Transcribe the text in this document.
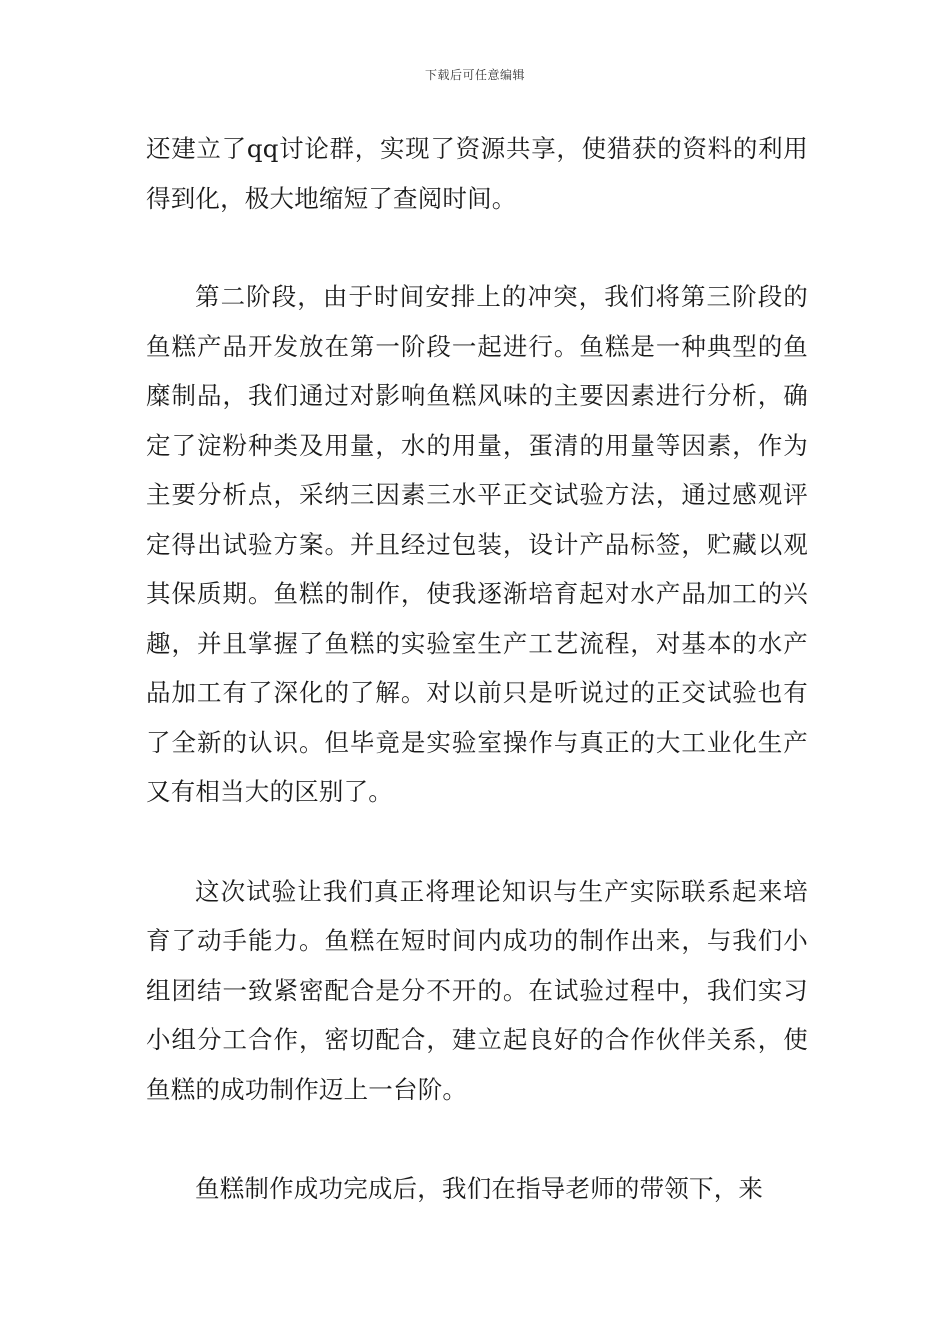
下载后可任意编辑

还建立了qq讨论群，实现了资源共享，使猎获的资料的利用得到化，极大地缩短了查阅时间。

第二阶段，由于时间安排上的冲突，我们将第三阶段的鱼糕产品开发放在第一阶段一起进行。鱼糕是一种典型的鱼糜制品，我们通过对影响鱼糕风味的主要因素进行分析，确定了淀粉种类及用量，水的用量，蛋清的用量等因素，作为主要分析点，采纳三因素三水平正交试验方法，通过感观评定得出试验方案。并且经过包装，设计产品标签，贮藏以观其保质期。鱼糕的制作，使我逐渐培育起对水产品加工的兴趣，并且掌握了鱼糕的实验室生产工艺流程，对基本的水产品加工有了深化的了解。对以前只是听说过的正交试验也有了全新的认识。但毕竟是实验室操作与真正的大工业化生产又有相当大的区别了。

这次试验让我们真正将理论知识与生产实际联系起来培育了动手能力。鱼糕在短时间内成功的制作出来，与我们小组团结一致紧密配合是分不开的。在试验过程中，我们实习小组分工合作，密切配合，建立起良好的合作伙伴关系，使鱼糕的成功制作迈上一台阶。

鱼糕制作成功完成后，我们在指导老师的带领下，来
